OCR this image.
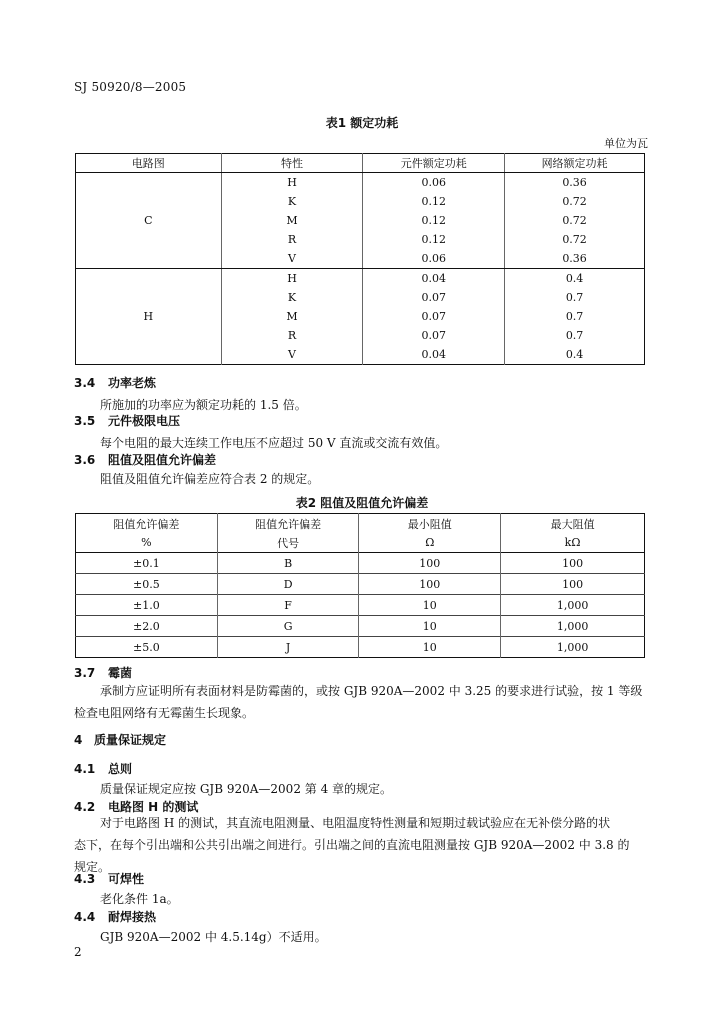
SJ 50920/8—2005
表1 额定功耗
单位为瓦
电路图	特性	元件额定功耗	网络额定功耗
C	H	0.06	0.36
	K	0.12	0.72
	M	0.12	0.72
	R	0.12	0.72
	V	0.06	0.36
H	H	0.04	0.4
	K	0.07	0.7
	M	0.07	0.7
	R	0.07	0.7
	V	0.04	0.4
3.4 功率老炼
所施加的功率应为额定功耗的 1.5 倍。
3.5 元件极限电压
每个电阻的最大连续工作电压不应超过 50 V 直流或交流有效值。
3.6 阻值及阻值允许偏差
阻值及阻值允许偏差应符合表 2 的规定。
表2 阻值及阻值允许偏差
阻值允许偏差	阻值允许偏差	最小阻值	最大阻值
%	代号	Ω	kΩ
±0.1	B	100	100
±0.5	D	100	100
±1.0	F	10	1,000
±2.0	G	10	1,000
±5.0	J	10	1,000
3.7 霉菌
承制方应证明所有表面材料是防霉菌的，或按 GJB 920A—2002 中 3.25 的要求进行试验，按 1 等级
检查电阻网络有无霉菌生长现象。
4 质量保证规定
4.1 总则
质量保证规定应按 GJB 920A—2002 第 4 章的规定。
4.2 电路图 H 的测试
对于电路图 H 的测试，其直流电阻测量、电阻温度特性测量和短期过载试验应在无补偿分路的状
态下，在每个引出端和公共引出端之间进行。引出端之间的直流电阻测量按 GJB 920A—2002 中 3.8 的
规定。
4.3 可焊性
老化条件 1a。
4.4 耐焊接热
GJB 920A—2002 中 4.5.14g）不适用。
2
